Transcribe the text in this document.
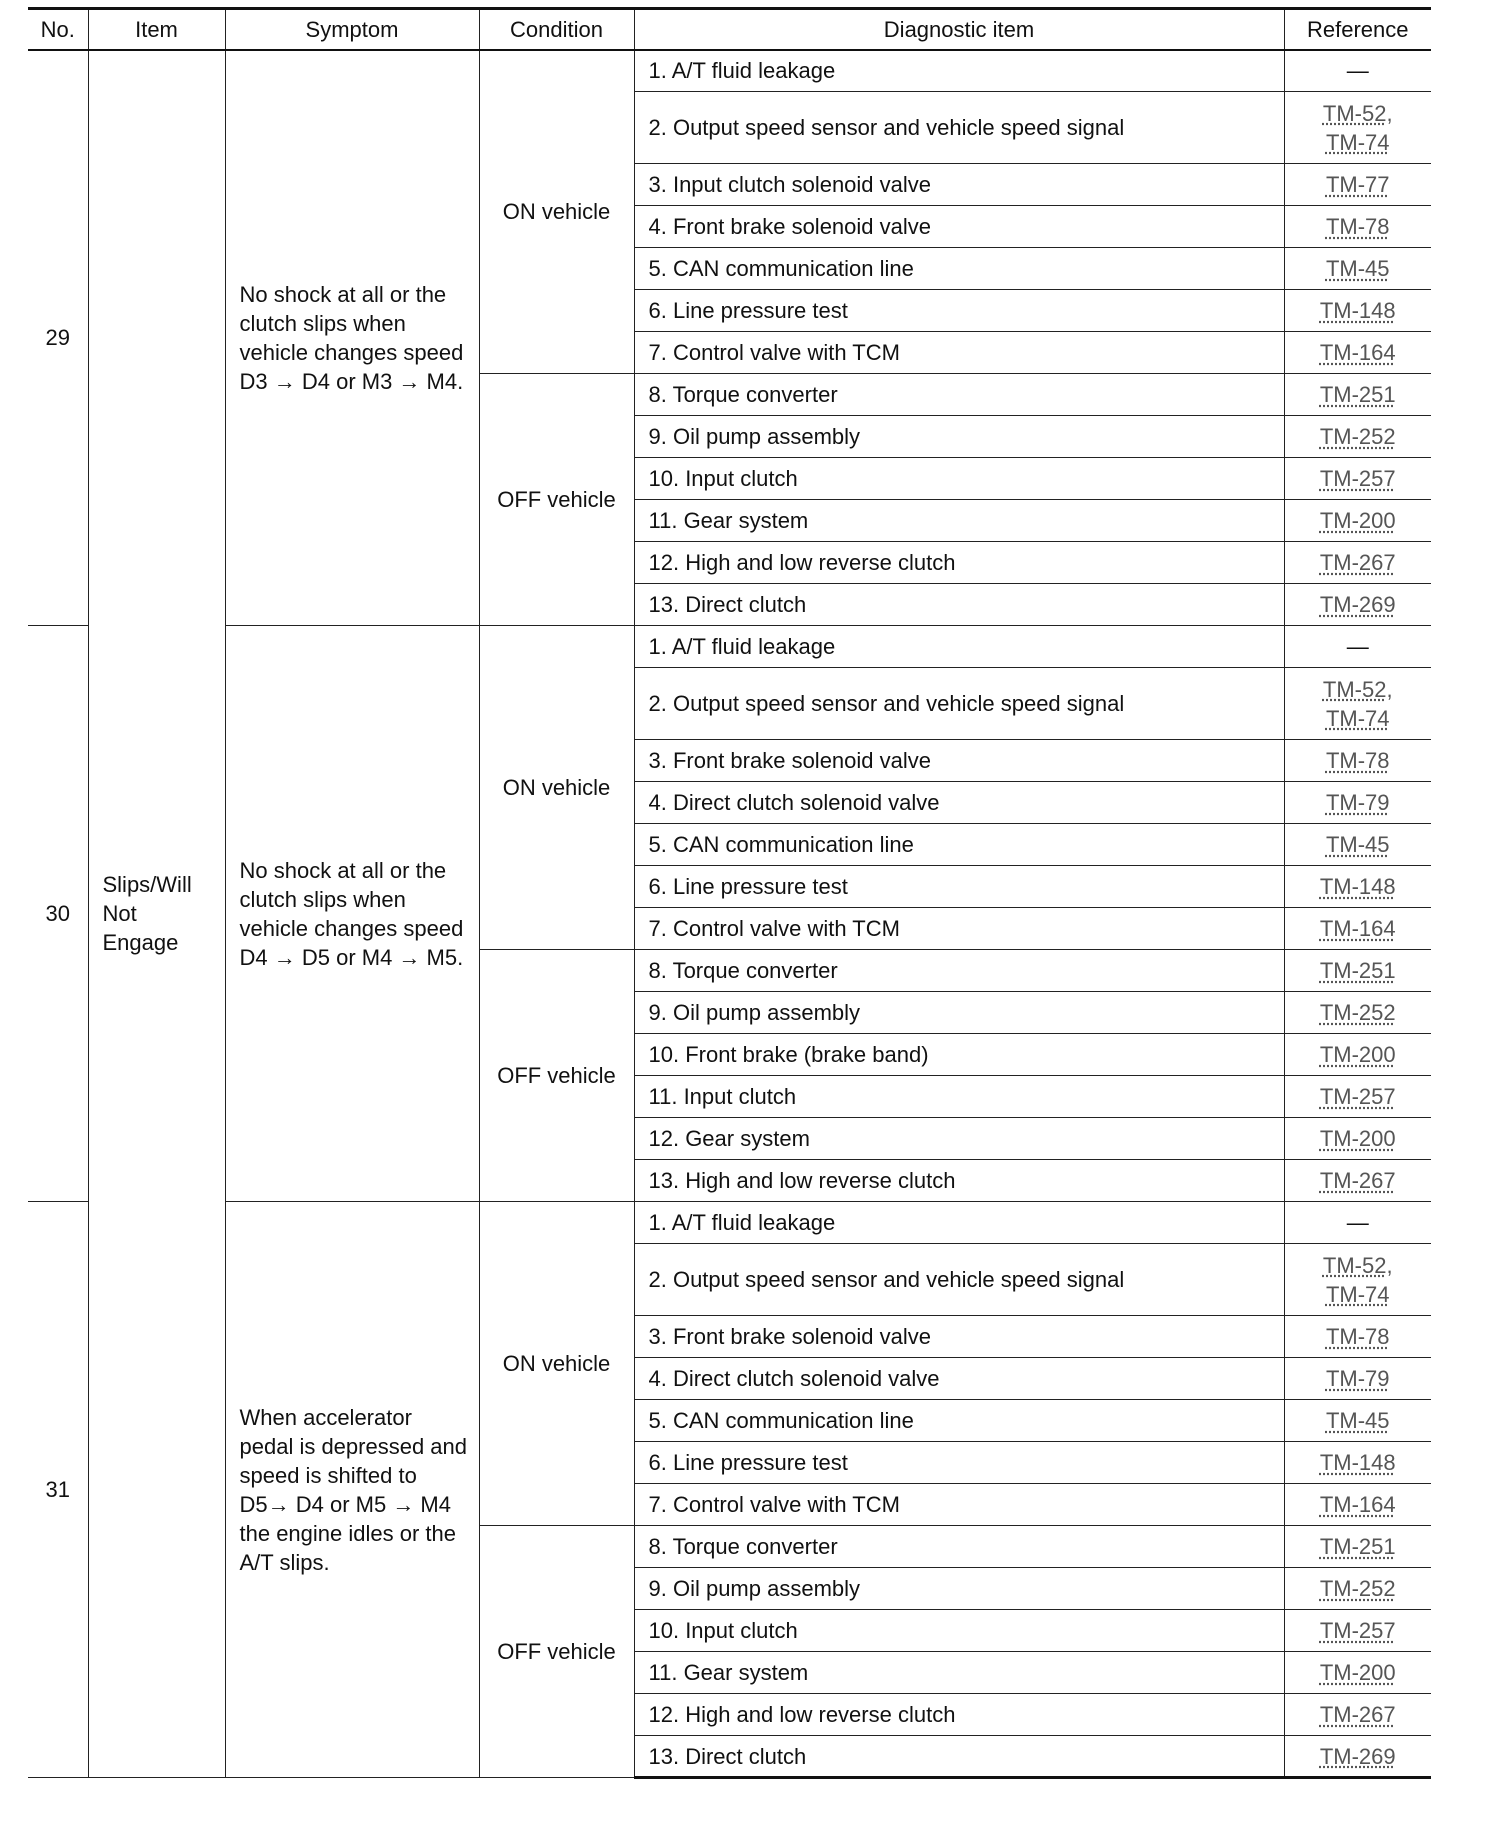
No.	Item	Symptom	Condition	Diagnostic item	Reference
29	Slips/Will Not Engage	No shock at all or the clutch slips when vehicle changes speed D3 → D4 or M3 → M4.	ON vehicle	1. A/T fluid leakage	—

				2. Output speed sensor and vehicle speed signal	TM-52,
TM-74

				3. Input clutch solenoid valve	TM-77

				4. Front brake solenoid valve	TM-78

				5. CAN communication line	TM-45

				6. Line pressure test	TM-148

				7. Control valve with TCM	TM-164

			OFF vehicle	8. Torque converter	TM-251

				9. Oil pump assembly	TM-252

				10. Input clutch	TM-257

				11. Gear system	TM-200

				12. High and low reverse clutch	TM-267

				13. Direct clutch	TM-269

30		No shock at all or the clutch slips when vehicle changes speed D4 → D5 or M4 → M5.	ON vehicle	1. A/T fluid leakage	—

				2. Output speed sensor and vehicle speed signal	TM-52,
TM-74

				3. Front brake solenoid valve	TM-78

				4. Direct clutch solenoid valve	TM-79

				5. CAN communication line	TM-45

				6. Line pressure test	TM-148

				7. Control valve with TCM	TM-164

			OFF vehicle	8. Torque converter	TM-251

				9. Oil pump assembly	TM-252

				10. Front brake (brake band)	TM-200

				11. Input clutch	TM-257

				12. Gear system	TM-200

				13. High and low reverse clutch	TM-267

31		When accelerator pedal is depressed and speed is shifted to D5→ D4 or M5 → M4 the engine idles or the A/T slips.	ON vehicle	1. A/T fluid leakage	—

				2. Output speed sensor and vehicle speed signal	TM-52,
TM-74

				3. Front brake solenoid valve	TM-78

				4. Direct clutch solenoid valve	TM-79

				5. CAN communication line	TM-45

				6. Line pressure test	TM-148

				7. Control valve with TCM	TM-164

			OFF vehicle	8. Torque converter	TM-251

				9. Oil pump assembly	TM-252

				10. Input clutch	TM-257

				11. Gear system	TM-200

				12. High and low reverse clutch	TM-267

				13. Direct clutch	TM-269
